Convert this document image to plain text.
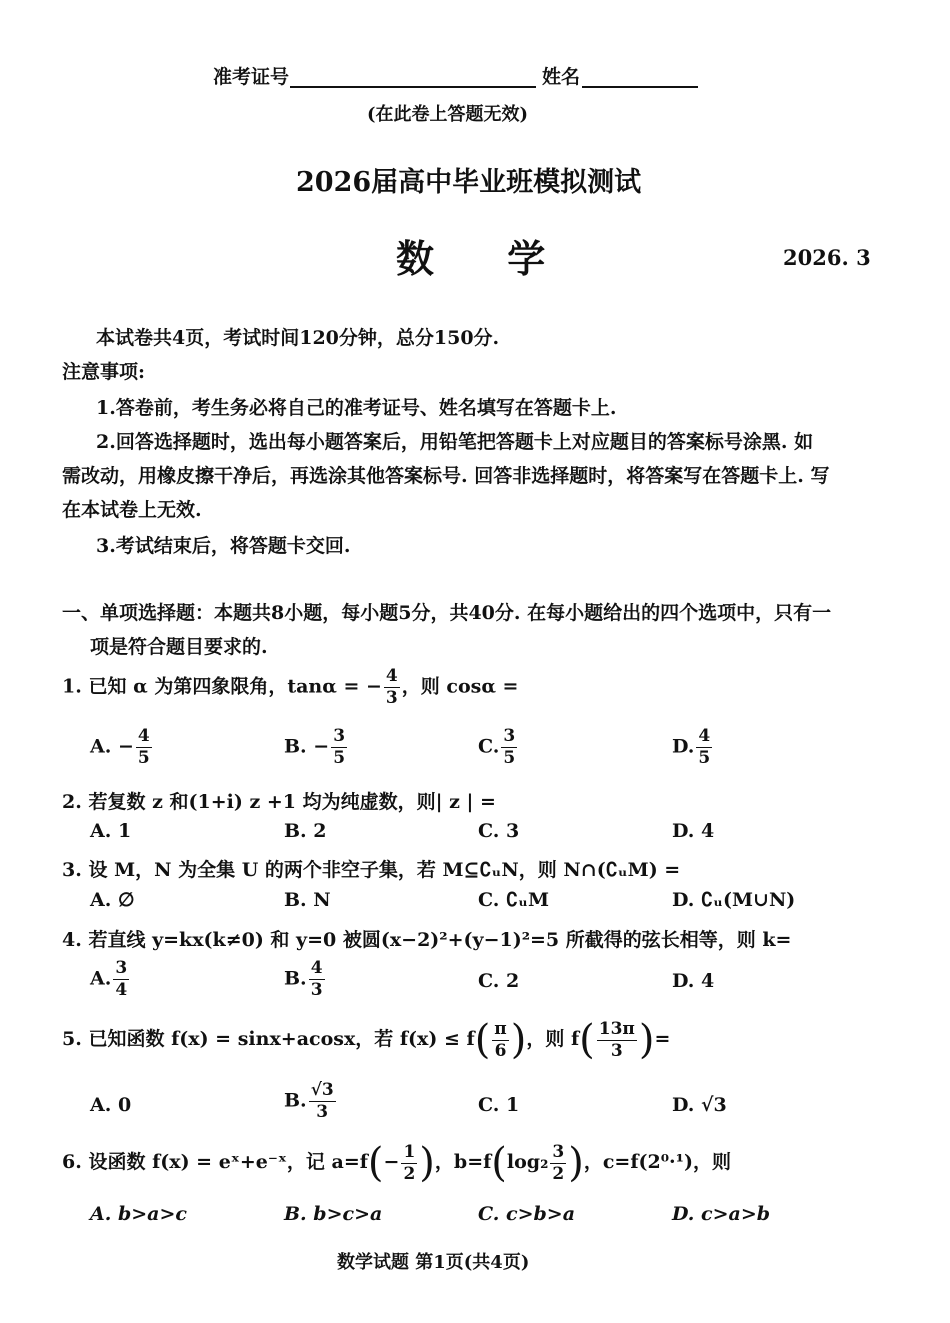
准考证号	姓名
(在此卷上答题无效)
2026届高中毕业班模拟测试
数 学	2026. 3
本试卷共4页，考试时间120分钟，总分150分.
注意事项:
1.答卷前，考生务必将自己的准考证号、姓名填写在答题卡上.
2.回答选择题时，选出每小题答案后，用铅笔把答题卡上对应题目的答案标号涂黑. 如
需改动，用橡皮擦干净后，再选涂其他答案标号. 回答非选择题时，将答案写在答题卡上. 写
在本试卷上无效.
3.考试结束后，将答题卡交回.
一、单项选择题：本题共8小题，每小题5分，共40分. 在每小题给出的四个选项中，只有一
项是符合题目要求的.
1. 已知 α 为第四象限角，tanα = − $\frac{4}{3}$ ，则 cosα =
A. − $\frac{4}{5}$	B. − $\frac{3}{5}$	C. $\frac{3}{5}$	D. $\frac{4}{5}$
2. 若复数 z 和(1+i) z +1 均为纯虚数，则| z | =
A. 1	B. 2	C. 3	D. 4
3. 设 M，N 为全集 U 的两个非空子集，若 M⊆∁ᵤN，则 N∩(∁ᵤM) =
A. ∅	B. N	C. ∁ᵤM	D. ∁ᵤ(M∪N)
4. 若直线 y=kx(k≠0) 和 y=0 被圆(x−2)²+(y−1)²=5 所截得的弦长相等，则 k=
A. $\frac{3}{4}$	B. $\frac{4}{3}$	C. 2	D. 4
5. 已知函数 f(x) = sinx+acosx，若 $f(x) \le f( \frac{\pi}{6}$ )，则 $f( \frac{13\pi}{3}$ )=
A. 0	B. $\frac{√3}{3}$	C. 1	D. √3
6. 设函数 f(x) = eˣ+e⁻ˣ，记 $a=f(- \frac{1}{2}$ )，$b=f(\log_2 \frac{3}{2}$ )，c=f(2⁰·¹)，则
A. b>a>c	B. b>c>a	C. c>b>a	D. c>a>b
数学试题 第1页(共4页)
